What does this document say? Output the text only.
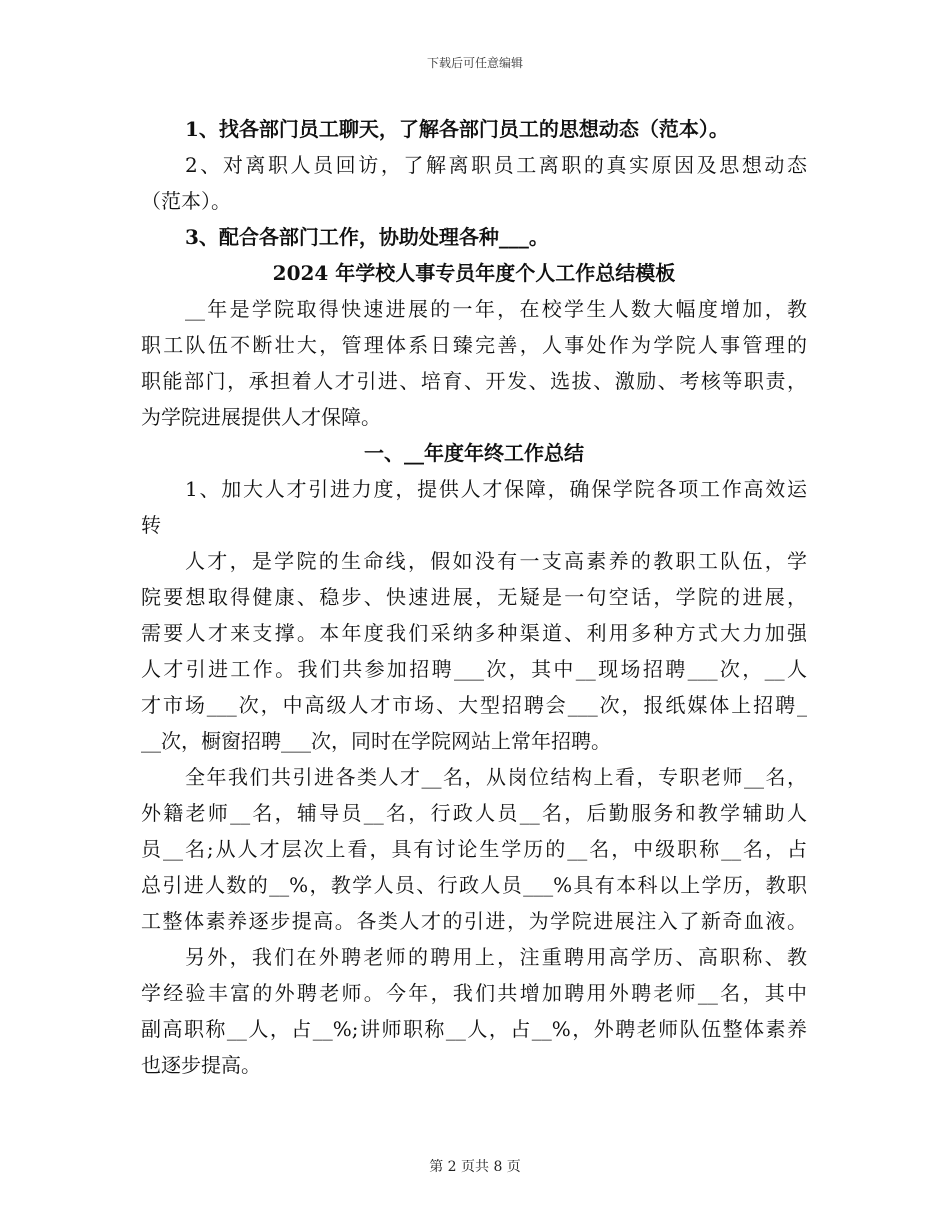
下载后可任意编辑
1、找各部门员工聊天，了解各部门员工的思想动态（范本）。
2、对离职人员回访，了解离职员工离职的真实原因及思想动态
（范本）。
3、配合各部门工作，协助处理各种___。
2024 年学校人事专员年度个人工作总结模板
__年是学院取得快速进展的一年，在校学生人数大幅度增加，教
职工队伍不断壮大，管理体系日臻完善，人事处作为学院人事管理的
职能部门，承担着人才引进、培育、开发、选拔、激励、考核等职责，
为学院进展提供人才保障。
一、__年度年终工作总结
1、加大人才引进力度，提供人才保障，确保学院各项工作高效运
转
人才，是学院的生命线，假如没有一支高素养的教职工队伍，学
院要想取得健康、稳步、快速进展，无疑是一句空话，学院的进展，
需要人才来支撑。本年度我们采纳多种渠道、利用多种方式大力加强
人才引进工作。我们共参加招聘___次，其中__现场招聘___次，__人
才市场___次，中高级人才市场、大型招聘会___次，报纸媒体上招聘_
__次，橱窗招聘___次，同时在学院网站上常年招聘。
全年我们共引进各类人才__名，从岗位结构上看，专职老师__名，
外籍老师__名，辅导员__名，行政人员__名，后勤服务和教学辅助人
员__名;从人才层次上看，具有讨论生学历的__名，中级职称__名，占
总引进人数的__%，教学人员、行政人员___%具有本科以上学历，教职
工整体素养逐步提高。各类人才的引进，为学院进展注入了新奇血液。
另外，我们在外聘老师的聘用上，注重聘用高学历、高职称、教
学经验丰富的外聘老师。今年，我们共增加聘用外聘老师__名，其中
副高职称__人，占__%;讲师职称__人，占__%，外聘老师队伍整体素养
也逐步提高。
第 2 页共 8 页
